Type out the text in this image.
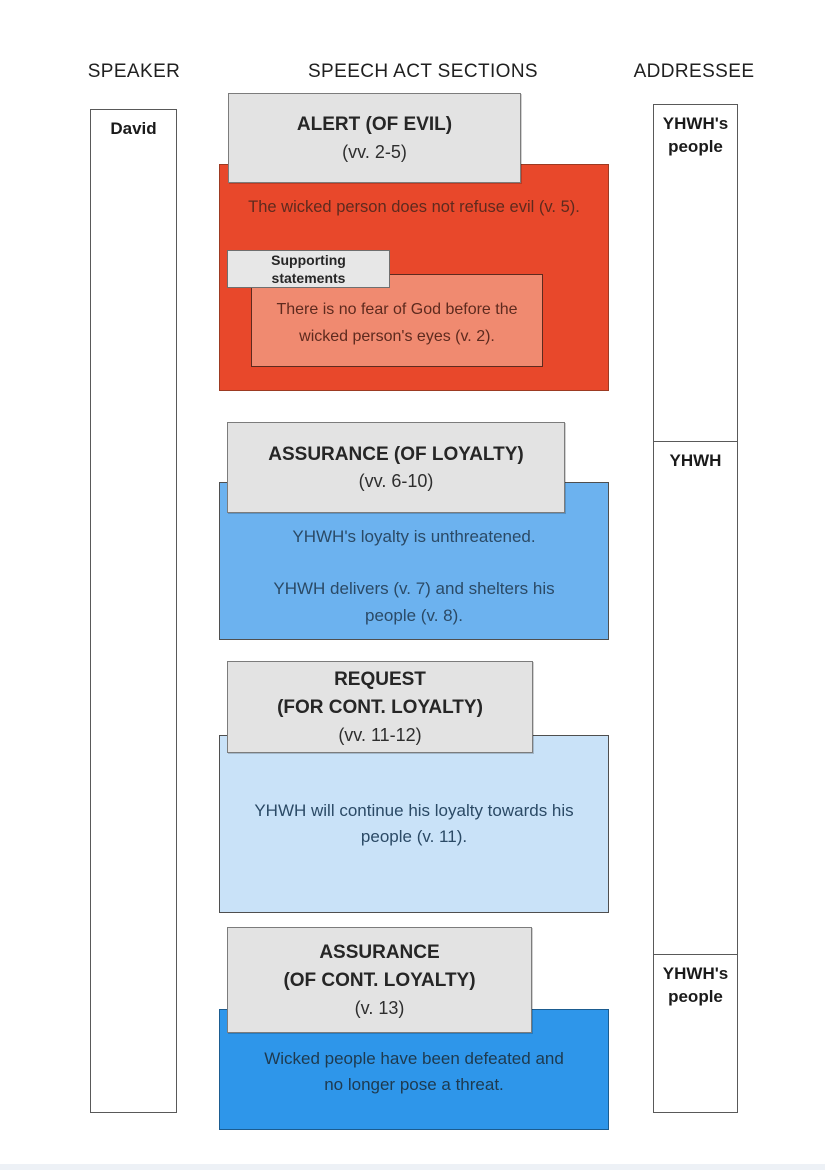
SPEAKER	SPEECH ACT SECTIONS	ADDRESSEE
David	YHWH's people
YHWH
YHWH's people

The wicked person does not refuse evil (v. 5).

There is no fear of God before the wicked person's eyes (v. 2).

Supporting statements
ALERT (OF EVIL)
(vv. 2-5)

YHWH's loyalty is unthreatened.

YHWH delivers (v. 7) and shelters his people (v. 8).

ASSURANCE (OF LOYALTY)
(vv. 6-10)

YHWH will continue his loyalty towards his people (v. 11).

REQUEST
(FOR CONT. LOYALTY)
(vv. 11-12)

Wicked people have been defeated and no longer pose a threat.

ASSURANCE
(OF CONT. LOYALTY)
(v. 13)
